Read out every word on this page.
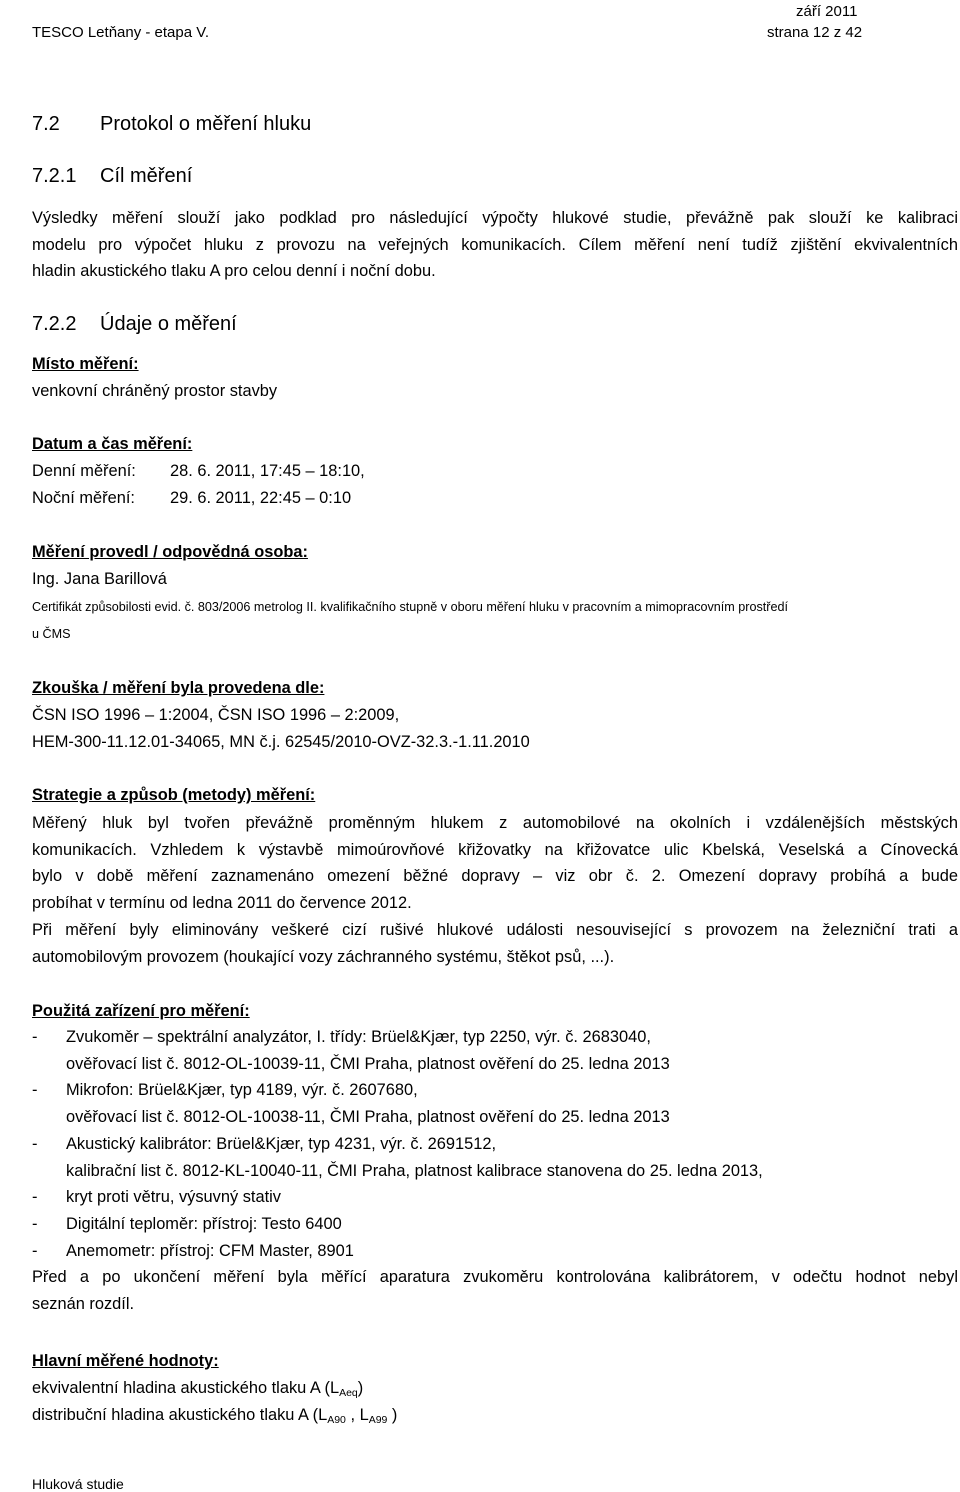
TESCO Letňany - etapa V.
září 2011
strana 12 z 42
7.2 Protokol o měření hluku
7.2.1 Cíl měření
Výsledky měření slouží jako podklad pro následující výpočty hlukové studie, převážně pak slouží ke kalibraci
modelu pro výpočet hluku z provozu na veřejných komunikacích. Cílem měření není tudíž zjištění ekvivalentních
hladin akustického tlaku A pro celou denní i noční dobu.
7.2.2 Údaje o měření
Místo měření:
venkovní chráněný prostor stavby
Datum a čas měření:
Denní měření: 28. 6. 2011, 17:45 – 18:10,
Noční měření: 29. 6. 2011, 22:45 – 0:10
Měření provedl / odpovědná osoba:
Ing. Jana Barillová
Certifikát způsobilosti evid. č. 803/2006 metrolog II. kvalifikačního stupně v oboru měření hluku v pracovním a mimopracovním prostředí
u ČMS
Zkouška / měření byla provedena dle:
ČSN ISO 1996 – 1:2004, ČSN ISO 1996 – 2:2009,
HEM-300-11.12.01-34065, MN č.j. 62545/2010-OVZ-32.3.-1.11.2010
Strategie a způsob (metody) měření:
Měřený hluk byl tvořen převážně proměnným hlukem z automobilové na okolních i vzdálenějších městských
komunikacích. Vzhledem k výstavbě mimoúrovňové křižovatky na křižovatce ulic Kbelská, Veselská a Cínovecká
bylo v době měření zaznamenáno omezení běžné dopravy – viz obr č. 2. Omezení dopravy probíhá a bude
probíhat v termínu od ledna 2011 do července 2012.
Při měření byly eliminovány veškeré cizí rušivé hlukové události nesouvisející s provozem na železniční trati a
automobilovým provozem (houkající vozy záchranného systému, štěkot psů, ...).
Použitá zařízení pro měření:
- Zvukoměr – spektrální analyzátor, I. třídy: Brüel&Kjær, typ 2250, výr. č. 2683040,
ověřovací list č. 8012-OL-10039-11, ČMI Praha, platnost ověření do 25. ledna 2013
- Mikrofon: Brüel&Kjær, typ 4189, výr. č. 2607680,
ověřovací list č. 8012-OL-10038-11, ČMI Praha, platnost ověření do 25. ledna 2013
- Akustický kalibrátor: Brüel&Kjær, typ 4231, výr. č. 2691512,
kalibrační list č. 8012-KL-10040-11, ČMI Praha, platnost kalibrace stanovena do 25. ledna 2013,
- kryt proti větru, výsuvný stativ
- Digitální teploměr: přístroj: Testo 6400
- Anemometr: přístroj: CFM Master, 8901
Před a po ukončení měření byla měřící aparatura zvukoměru kontrolována kalibrátorem, v odečtu hodnot nebyl
seznán rozdíl.
Hlavní měřené hodnoty:
ekvivalentní hladina akustického tlaku A $(L_{Aeq})$
distribuční hladina akustického tlaku A ($L_{A90}$ , $L_{A99}$ )
Hluková studie
